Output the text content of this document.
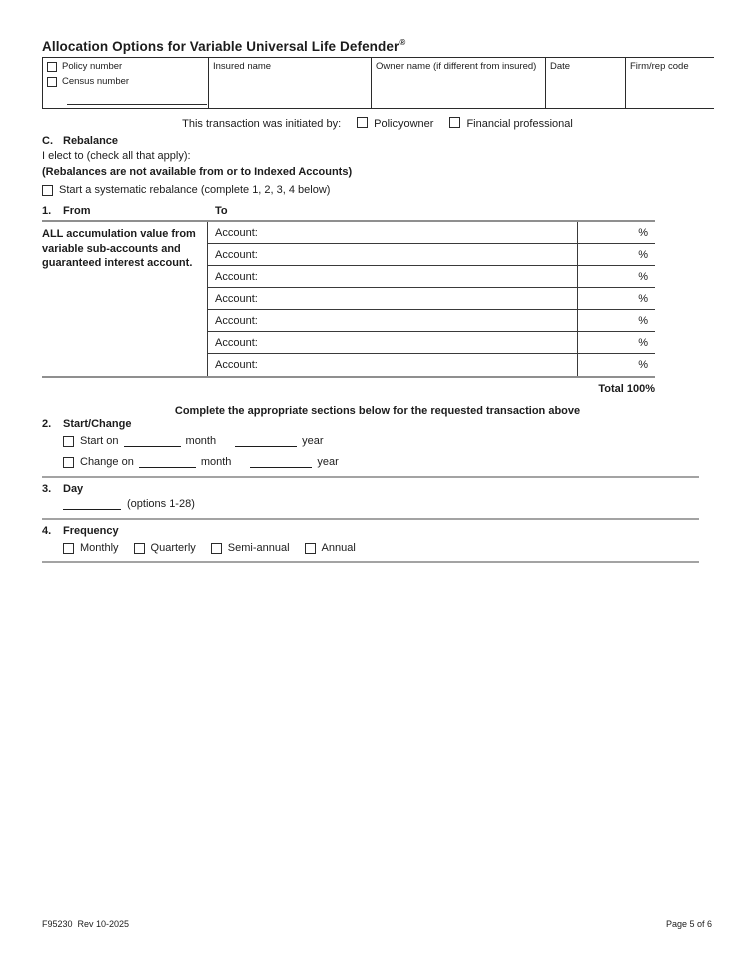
Allocation Options for Variable Universal Life Defender®
Policy number
Census number
	Insured name	Owner name (if different from insured)	Date	Firm/rep code
This transaction was initiated by:	Policyowner	Financial professional
C. Rebalance
I elect to (check all that apply):
(Rebalances are not available from or to Indexed Accounts)
Start a systematic rebalance (complete 1, 2, 3, 4 below)
1.	From	To
ALL accumulation value from variable sub-accounts and guaranteed interest account.
Account:	%
Account:	%
Account:	%
Account:	%
Account:	%
Account:	%
Account:	%
Total 100%
Complete the appropriate sections below for the requested transaction above
2.	Start/Change
Start on	month	year
Change on	month	year
3.	Day
(options 1-28)
4.	Frequency
Monthly	Quarterly	Semi-annual	Annual
F95230  Rev 10-2025	Page 5 of 6
